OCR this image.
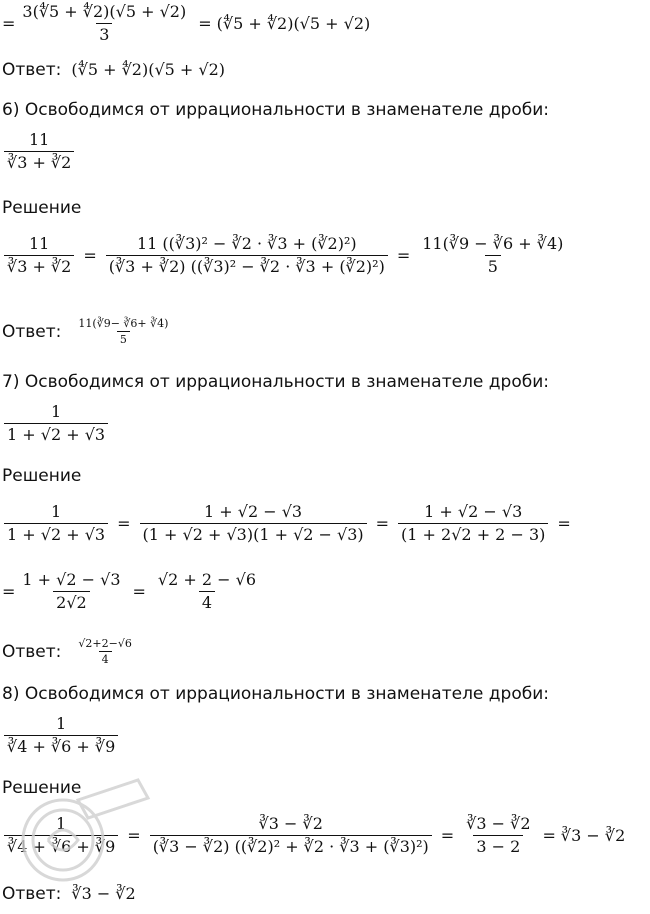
= $\frac{3(∜5 + ∜2)(√5 + √2)}{3}$ = (∜5 + ∜2)(√5 + √2)
Ответ: (∜5 + ∜2)(√5 + √2)
6) Освободимся от иррациональности в знаменателе дроби:
$\frac{11}{∛3 + ∛2}$
Решение
$\frac{11}{∛3 + ∛2} = \frac{\text{11 ((∛3)² − ∛2 · ∛3 + (∛2)²)}}{\text{(∛3 + ∛2) ((∛3)² − ∛2 · ∛3 + (∛2)²)}} = \frac{11(∛9 - ∛6 + ∛4)}{5}$
Ответ: $\frac{11(∛9- ∛6+ ∛4)}{5}$
7) Освободимся от иррациональности в знаменателе дроби:
$\frac{1}{1 + √2 + √3}$
Решение
$\frac{1}{1 + √2 + √3} = \frac{1 + √2 - √3}{(1 + √2 + √3)(1 + √2 - √3)} = \frac{1 + √2 - √3}{(1 + 2√2 + 2 - 3)}$ =
= $\frac{1 + √2 - √3}{2√2} = \frac{√2 + 2 - √6}{4}$
Ответ: $\frac{√2+2-√6}{4}$
8) Освободимся от иррациональности в знаменателе дроби:
$\frac{1}{∛4 + ∛6 + ∛9}$
Решение
$\frac{1}{∛4 + ∛6 + ∛9} = \frac{∛3 - ∛2}{\text{(∛3 − ∛2) ((∛2)² + ∛2 · ∛3 + (∛3)²)}} = \frac{∛3 - ∛2}{3 - 2}$ = ∛3 − ∛2
Ответ: ∛3 − ∛2
